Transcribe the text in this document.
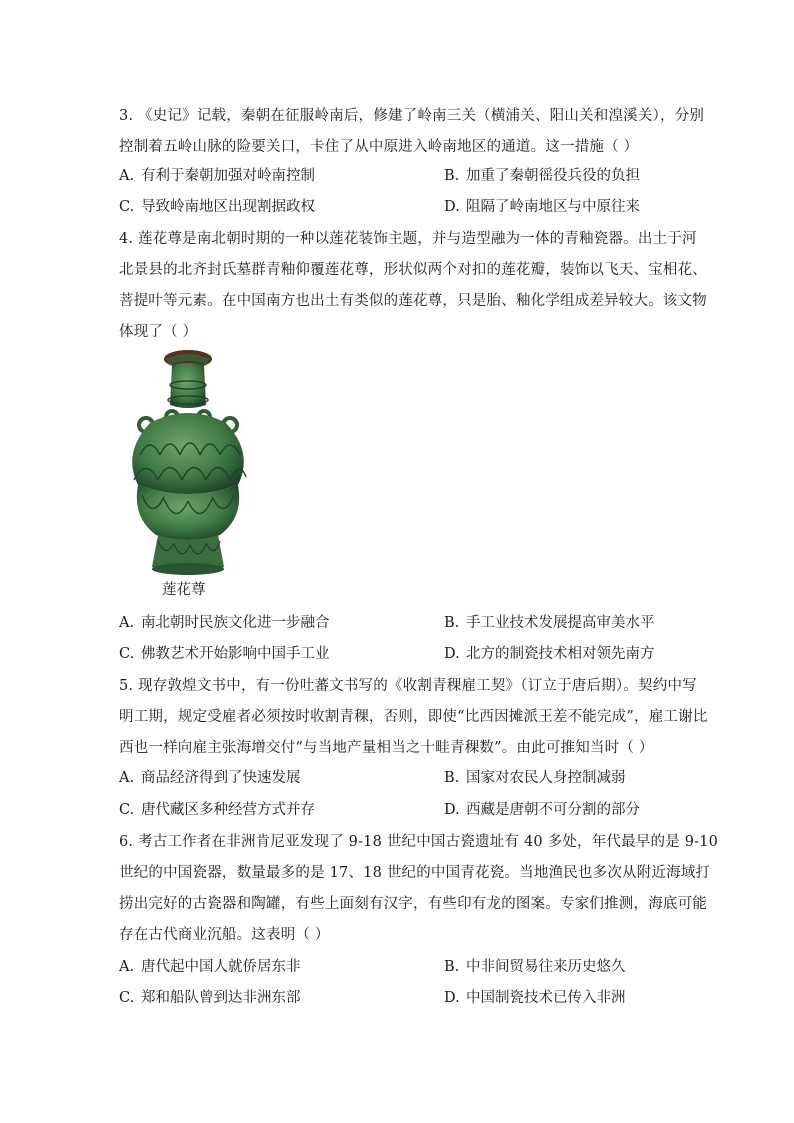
3. 《史记》记载，秦朝在征服岭南后，修建了岭南三关（横浦关、阳山关和湟溪关），分别
控制着五岭山脉的险要关口，卡住了从中原进入岭南地区的通道。这一措施（ ）
A. 有利于秦朝加强对岭南控制	B. 加重了秦朝徭役兵役的负担
C. 导致岭南地区出现割据政权	D. 阻隔了岭南地区与中原往来
4. 莲花尊是南北朝时期的一种以莲花装饰主题，并与造型融为一体的青釉瓷器。出土于河
北景县的北齐封氏墓群青釉仰覆莲花尊，形状似两个对扣的莲花瓣，装饰以飞天、宝相花、
菩提叶等元素。在中国南方也出土有类似的莲花尊，只是胎、釉化学组成差异较大。该文物
体现了（ ）
莲花尊
A. 南北朝时民族文化进一步融合	B. 手工业技术发展提高审美水平
C. 佛教艺术开始影响中国手工业	D. 北方的制瓷技术相对领先南方
5. 现存敦煌文书中，有一份吐蕃文书写的《收割青稞雇工契》（订立于唐后期）。契约中写
明工期，规定受雇者必须按时收割青稞，否则，即使“比西因摊派王差不能完成”，雇工谢比
西也一样向雇主张海增交付“与当地产量相当之十畦青稞数”。由此可推知当时（ ）
A. 商品经济得到了快速发展	B. 国家对农民人身控制减弱
C. 唐代藏区多种经营方式并存	D. 西藏是唐朝不可分割的部分
6. 考古工作者在非洲肯尼亚发现了 9-18 世纪中国古瓷遗址有 40 多处，年代最早的是 9-10
世纪的中国瓷器，数量最多的是 17、18 世纪的中国青花瓷。当地渔民也多次从附近海域打
捞出完好的古瓷器和陶罐，有些上面刻有汉字，有些印有龙的图案。专家们推测，海底可能
存在古代商业沉船。这表明（ ）
A. 唐代起中国人就侨居东非	B. 中非间贸易往来历史悠久
C. 郑和船队曾到达非洲东部	D. 中国制瓷技术已传入非洲
